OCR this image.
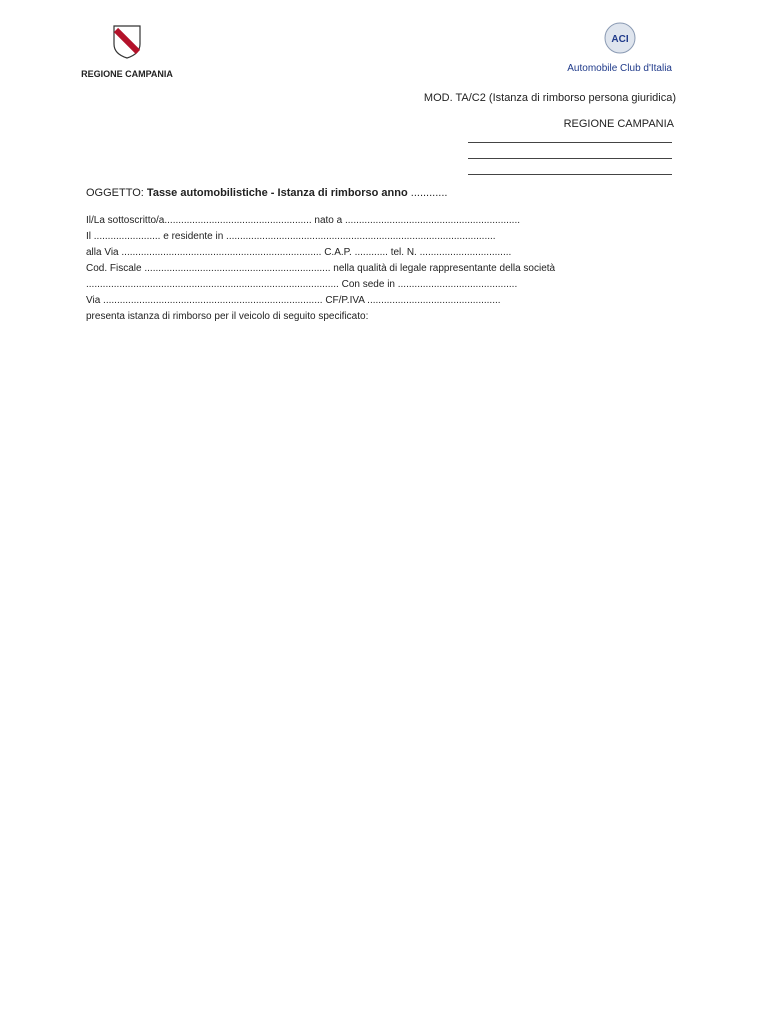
REGIONE CAMPANIA
ACI
Automobile Club d'Italia
MOD. TA/C2 (Istanza di rimborso persona giuridica)
REGIONE CAMPANIA
OGGETTO: Tasse automobilistiche - Istanza di rimborso anno ............
Il/La sottoscritto/a..................................................... nato a ...............................................................
Il ........................ e residente in .................................................................................................
alla Via ........................................................................ C.A.P. ............ tel. N. .................................
Cod. Fiscale ................................................................... nella qualità di legale rappresentante della società
........................................................................................... Con sede in ...........................................
Via ............................................................................... CF/P.IVA ................................................
presenta istanza di rimborso per il veicolo di seguito specificato:
